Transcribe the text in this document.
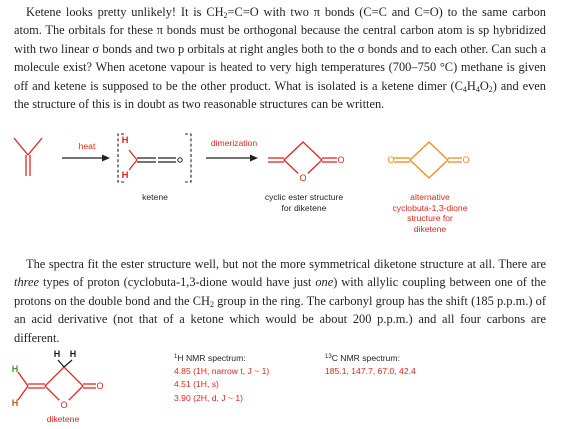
Ketene looks pretty unlikely! It is $CH_2=C=O$ with two π bonds (C=C and C=O) to the same carbon atom. The orbitals for these π bonds must be orthogonal because the central carbon atom is sp hybridized with two linear σ bonds and two p orbitals at right angles both to the σ bonds and to each other. Can such a molecule exist? When acetone vapour is heated to very high temperatures (700–750 °C) methane is given off and ketene is supposed to be the other product. What is isolated is a ketene dimer $(C_4H_4O_2)$ and even the structure of this is in doubt as two reasonable structures can be written.

heat	dimerization
H
H
ketene
O
O
cyclic ester structure
for diketene
O	O
alternative
cyclobuta-1,3-dione
structure for
diketene

The spectra fit the ester structure well, but not the more symmetrical diketone structure at all. There are three types of proton (cyclobuta-1,3-dione would have just one) with allylic coupling between one of the protons on the double bond and the $CH_2$ group in the ring. The carbonyl group has the shift (185 p.p.m.) of an acid derivative (not that of a ketone which would be about 200 p.p.m.) and all four carbons are different.

H H
H
H	O
O
diketene
$^1$H NMR spectrum:
4.85 (1H, narrow t, J ~ 1)
4.51 (1H, s)
3.90 (2H, d, J ~ 1)
$^{13}$C NMR spectrum:
185.1, 147.7, 67.0, 42.4
